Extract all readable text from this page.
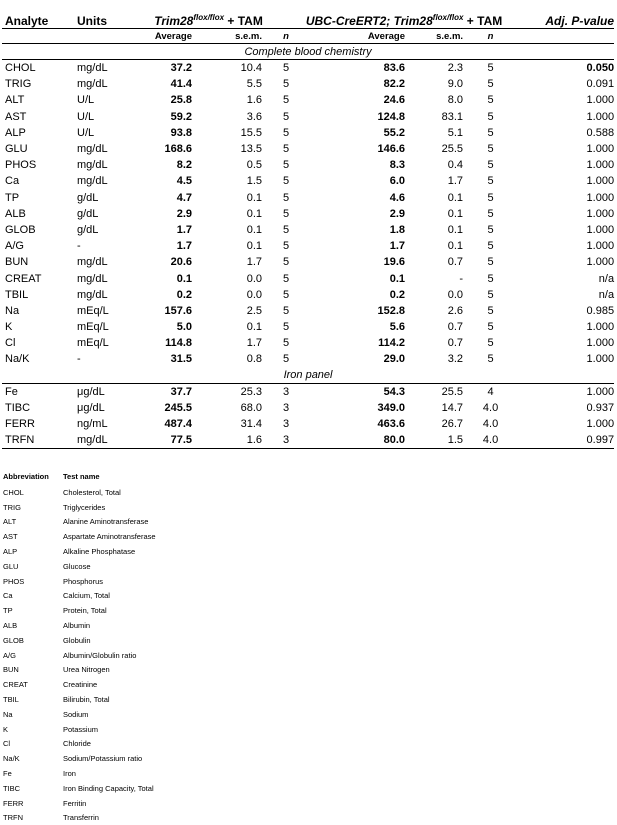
Analyte	Units	$Trim28^{flox/flox}$ + TAM			UBC-CreERT2; $Trim28^{flox/flox}$ + TAM			Adj. P-value
		Average	s.e.m.	n	Average	s.e.m.	n	
Complete blood chemistry								
CHOL	mg/dL	37.2	10.4	5	83.6	2.3	5	0.050
TRIG	mg/dL	41.4	5.5	5	82.2	9.0	5	0.091
ALT	U/L	25.8	1.6	5	24.6	8.0	5	1.000
AST	U/L	59.2	3.6	5	124.8	83.1	5	1.000
ALP	U/L	93.8	15.5	5	55.2	5.1	5	0.588
GLU	mg/dL	168.6	13.5	5	146.6	25.5	5	1.000
PHOS	mg/dL	8.2	0.5	5	8.3	0.4	5	1.000
Ca	mg/dL	4.5	1.5	5	6.0	1.7	5	1.000
TP	g/dL	4.7	0.1	5	4.6	0.1	5	1.000
ALB	g/dL	2.9	0.1	5	2.9	0.1	5	1.000
GLOB	g/dL	1.7	0.1	5	1.8	0.1	5	1.000
A/G	-	1.7	0.1	5	1.7	0.1	5	1.000
BUN	mg/dL	20.6	1.7	5	19.6	0.7	5	1.000
CREAT	mg/dL	0.1	0.0	5	0.1	-	5	n/a
TBIL	mg/dL	0.2	0.0	5	0.2	0.0	5	n/a
Na	mEq/L	157.6	2.5	5	152.8	2.6	5	0.985
K	mEq/L	5.0	0.1	5	5.6	0.7	5	1.000
Cl	mEq/L	114.8	1.7	5	114.2	0.7	5	1.000
Na/K	-	31.5	0.8	5	29.0	3.2	5	1.000
Iron panel								
Fe	μg/dL	37.7	25.3	3	54.3	25.5	4	1.000
TIBC	μg/dL	245.5	68.0	3	349.0	14.7	4.0	0.937
FERR	ng/mL	487.4	31.4	3	463.6	26.7	4.0	1.000
TRFN	mg/dL	77.5	1.6	3	80.0	1.5	4.0	0.997
Abbreviation	Test name
CHOL	Cholesterol, Total
TRIG	Triglycerides
ALT	Alanine Aminotransferase
AST	Aspartate Aminotransferase
ALP	Alkaline Phosphatase
GLU	Glucose
PHOS	Phosphorus
Ca	Calcium, Total
TP	Protein, Total
ALB	Albumin
GLOB	Globulin
A/G	Albumin/Globulin ratio
BUN	Urea Nitrogen
CREAT	Creatinine
TBIL	Bilirubin, Total
Na	Sodium
K	Potassium
Cl	Chloride
Na/K	Sodium/Potassium ratio
Fe	Iron
TIBC	Iron Binding Capacity, Total
FERR	Ferritin
TRFN	Transferrin
